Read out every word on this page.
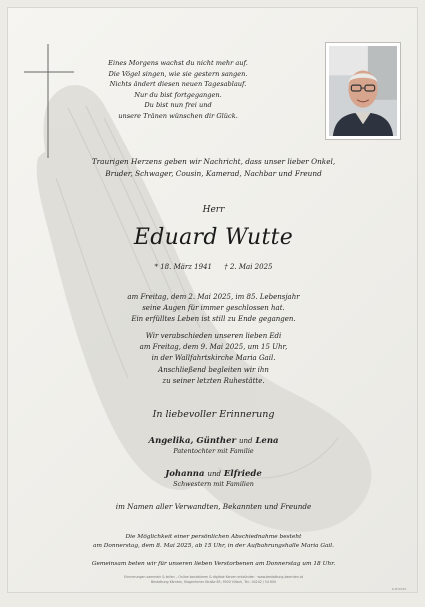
Eines Morgens wachst du nicht mehr auf.
Die Vögel singen, wie sie gestern sangen.
Nichts ändert diesen neuen Tagesablauf.
Nur du bist fortgegangen.
Du bist nun frei und
unsere Tränen wünschen dir Glück.
Traurigen Herzens geben wir Nachricht, dass unser lieber Onkel,
Bruder, Schwager, Cousin, Kamerad, Nachbar und Freund
Herr
Eduard Wutte
* 18. März 1941 † 2. Mai 2025
am Freitag, dem 2. Mai 2025, im 85. Lebensjahr
seine Augen für immer geschlossen hat.
Ein erfülltes Leben ist still zu Ende gegangen.
Wir verabschieden unseren lieben Edi
am Freitag, dem 9. Mai 2025, um 15 Uhr,
in der Wallfahrtskirche Maria Gail.
Anschließend begleiten wir ihn
zu seiner letzten Ruhestätte.
In liebevoller Erinnerung
Angelika, Günther und Lena
Patentochter mit Familie
Johanna und Elfriede
Schwestern mit Familien
im Namen aller Verwandten, Bekannten und Freunde
Die Möglichkeit einer persönlichen Abschiednahme besteht
am Donnerstag, dem 8. Mai 2025, ab 15 Uhr, in der Aufbahrungshalle Maria Gail.
Gemeinsam beten wir für unseren lieben Verstorbenen am Donnerstag um 18 Uhr.
Erinnerungen sammeln & teilen – Online kondolieren & digitale Kerzen entzünden · www.bestattung-kaernten.at
Bestattung Kärnten, Klagenfurter Straße 85, 9500 Villach, Tel.: 04242 / 54 600
K-IP 0525
